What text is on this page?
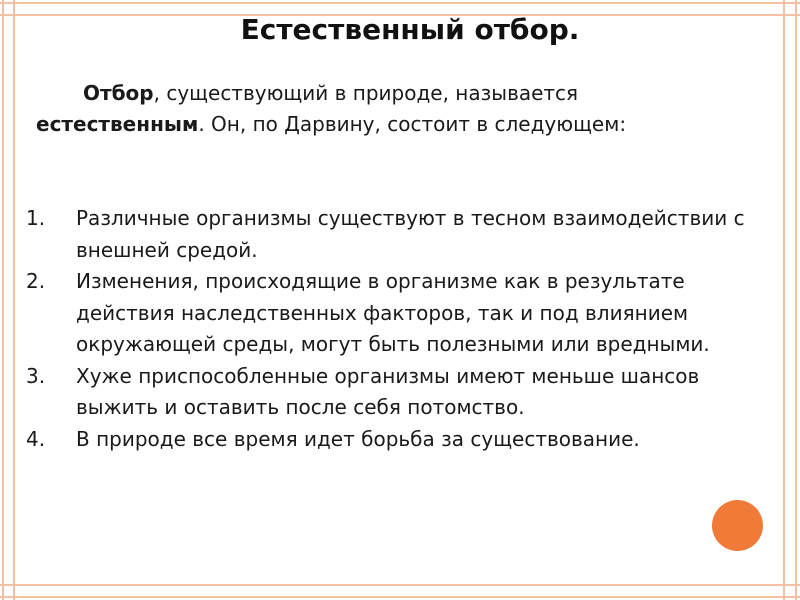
Естественный отбор.

Отбор, существующий в природе, называется

естественным. Он, по Дарвину, состоит в следующем:

1.	Различные организмы существуют в тесном взаимодействии с внешней средой.
2.	Изменения, происходящие в организме как в результате действия наследственных факторов, так и под влиянием окружающей среды, могут быть полезными или вредными.
3.	Хуже приспособленные организмы имеют меньше шансов выжить и оставить после себя потомство.
4.	В природе все время идет борьба за существование.
